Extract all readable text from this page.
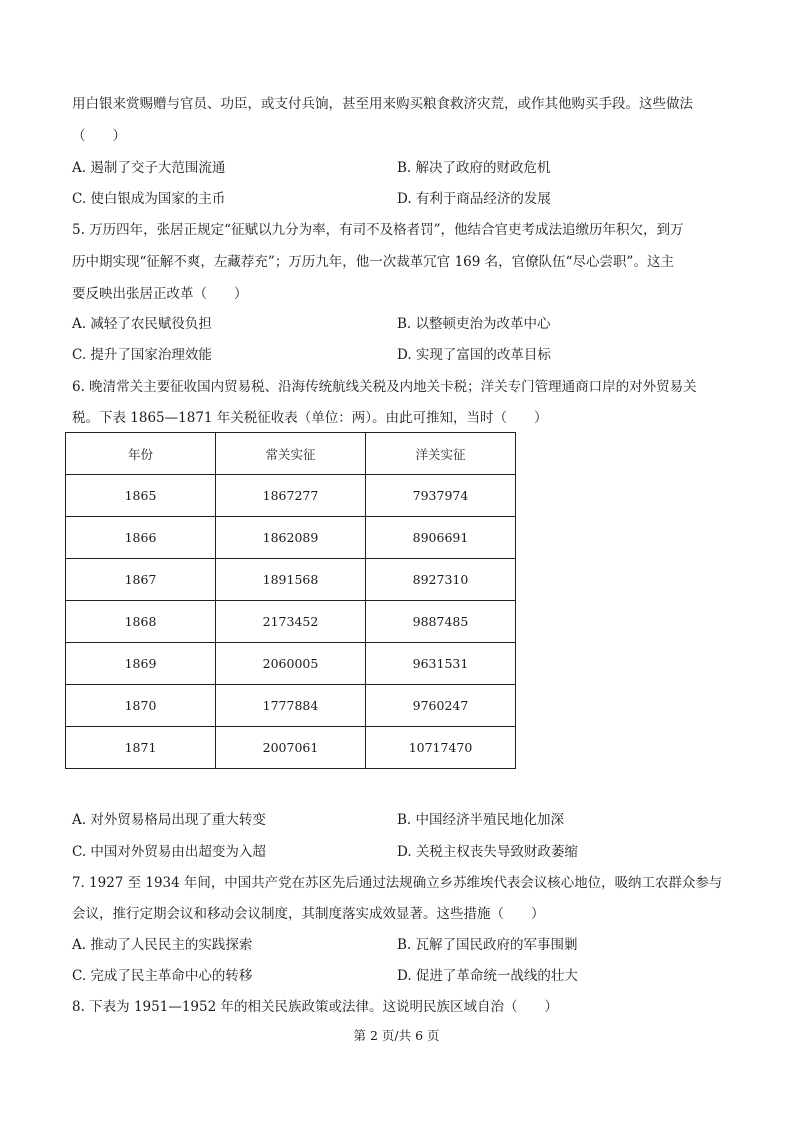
用白银来赏赐赠与官员、功臣，或支付兵饷，甚至用来购买粮食救济灾荒，或作其他购买手段。这些做法
（　　）
A. 遏制了交子大范围流通	B. 解决了政府的财政危机
C. 使白银成为国家的主币	D. 有利于商品经济的发展
5. 万历四年，张居正规定“征赋以九分为率，有司不及格者罚”，他结合官吏考成法追缴历年积欠，到万
历中期实现“征解不爽，左藏荐充”；万历九年，他一次裁革冗官 169 名，官僚队伍“尽心尝职”。这主
要反映出张居正改革（　　）
A. 减轻了农民赋役负担	B. 以整顿吏治为改革中心
C. 提升了国家治理效能	D. 实现了富国的改革目标
6. 晚清常关主要征收国内贸易税、沿海传统航线关税及内地关卡税；洋关专门管理通商口岸的对外贸易关
税。下表 1865—1871 年关税征收表（单位：两）。由此可推知，当时（　　）
年份	常关实征	洋关实征
1865	1867277	7937974
1866	1862089	8906691
1867	1891568	8927310
1868	2173452	9887485
1869	2060005	9631531
1870	1777884	9760247
1871	2007061	10717470
A. 对外贸易格局出现了重大转变	B. 中国经济半殖民地化加深
C. 中国对外贸易由出超变为入超	D. 关税主权丧失导致财政萎缩
7. 1927 至 1934 年间，中国共产党在苏区先后通过法规确立乡苏维埃代表会议核心地位，吸纳工农群众参与
会议，推行定期会议和移动会议制度，其制度落实成效显著。这些措施（　　）
A. 推动了人民民主的实践探索	B. 瓦解了国民政府的军事围剿
C. 完成了民主革命中心的转移	D. 促进了革命统一战线的壮大
8. 下表为 1951—1952 年的相关民族政策或法律。这说明民族区域自治（　　）
第 2 页/共 6 页
